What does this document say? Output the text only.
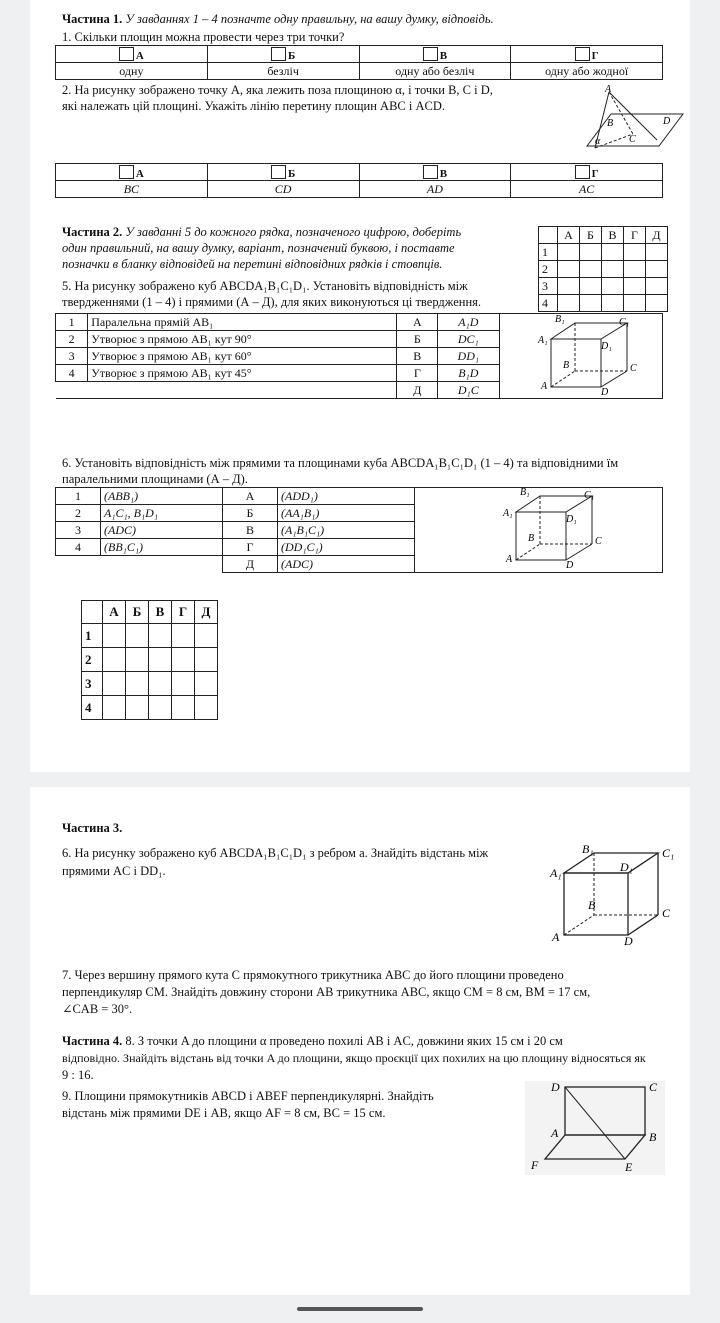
Частина 1. У завданнях 1 – 4 позначте одну правильну, на вашу думку, відповідь.
1. Скільки площин можна провести через три точки?
А	Б	В	Г
одну	безліч	одну або безліч	одну або жодної
2. На рисунку зображено точку A, яка лежить поза площиною α, і точки B, C і D,
які належать цій площині. Укажіть лінію перетину площин ABC і ACD.
A
B
C
D
α
А	Б	В	Г
BC	CD	AD	AC
Частина 2. У завданні 5 до кожного рядка, позначеного цифрою, доберіть
один правильний, на вашу думку, варіант, позначений буквою, і поставте
позначки в бланку відповідей на перетині відповідних рядків і стовпців.
	А	Б	В	Г	Д
1					
2					
3					
4					
5. На рисунку зображено куб ABCDA₁B₁C₁D₁. Установіть відповідність між
твердженнями (1 – 4) і прямими (А – Д), для яких виконуються ці твердження.
1	Паралельна прямій AB₁	А	A₁D	
2	Утворює з прямою AB₁ кут 90°	Б	DC₁	
3	Утворює з прямою AB₁ кут 60°	В	DD₁	
4	Утворює з прямою AB₁ кут 45°	Г	B₁D	
		Д	D₁C	

B₁	C₁
A₁
D₁
B	C
A
D
6. Установіть відповідність між прямими та площинами куба ABCDA₁B₁C₁D₁ (1 – 4) та відповідними їм
паралельними площинами (А – Д).
1	(ABB₁)	А	(ADD₁)	
2	A₁C₁, B₁D₁	Б	(AA₁B₁)	
3	(ADC)	В	(A₁B₁C₁)	
4	(BB₁C₁)	Г	(DD₁C₁)	
		Д	(ADC)	
B₁	C₁
A₁
D₁
B	C
A
D
	А	Б	В	Г	Д
1					
2					
3					
4					
Частина 3.
6. На рисунку зображено куб ABCDA₁B₁C₁D₁ з ребром a. Знайдіть відстань між
прямими AC і DD₁.
B₁	C₁
A₁	D₁
B
C
A	D
7. Через вершину прямого кута C прямокутного трикутника ABC до його площини проведено
перпендикуляр CM. Знайдіть довжину сторони AB трикутника ABC, якщо CM = 8 см, BM = 17 см,
∠CAB = 30°.
Частина 4. 8. З точки A до площини α проведено похилі AB і AC, довжини яких 15 см і 20 см
відповідно. Знайдіть відстань від точки A до площини, якщо проєкції цих похилих на цю площину відносяться як
9 : 16.
9. Площини прямокутників ABCD і ABEF перпендикулярні. Знайдіть
відстань між прямими DE і AB, якщо AF = 8 см, BC = 15 см.
D	C
A	B
F	E
